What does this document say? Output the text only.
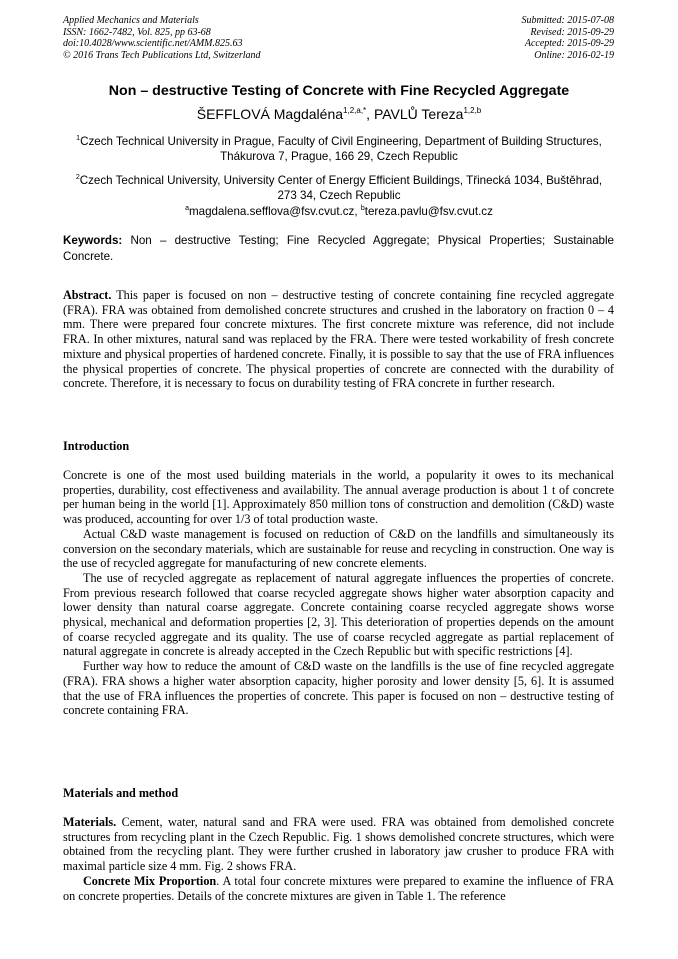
Applied Mechanics and Materials
ISSN: 1662-7482, Vol. 825, pp 63-68
doi:10.4028/www.scientific.net/AMM.825.63
© 2016 Trans Tech Publications Ltd, Switzerland
Submitted: 2015-07-08
Revised: 2015-09-29
Accepted: 2015-09-29
Online: 2016-02-19
Non – destructive Testing of Concrete with Fine Recycled Aggregate
ŠEFFLOVÁ Magdaléna$^{1,2,a,*}$, PAVLŮ Tereza$^{1,2,b}$
$^1$Czech Technical University in Prague, Faculty of Civil Engineering, Department of Building Structures, Thákurova 7, Prague, 166 29, Czech Republic
$^2$Czech Technical University, University Center of Energy Efficient Buildings, Třinecká 1034, Buštěhrad, 273 34, Czech Republic
$^a$magdalena.sefflova@fsv.cvut.cz, $^b$tereza.pavlu@fsv.cvut.cz
Keywords: Non – destructive Testing; Fine Recycled Aggregate; Physical Properties; Sustainable Concrete.

Abstract. This paper is focused on non – destructive testing of concrete containing fine recycled aggregate (FRA). FRA was obtained from demolished concrete structures and crushed in the laboratory on fraction 0 – 4 mm. There were prepared four concrete mixtures. The first concrete mixture was reference, did not include FRA. In other mixtures, natural sand was replaced by the FRA. There were tested workability of fresh concrete mixture and physical properties of hardened concrete. Finally, it is possible to say that the use of FRA influences the physical properties of concrete. The physical properties of concrete are connected with the durability of concrete. Therefore, it is necessary to focus on durability testing of FRA concrete in further research.

Introduction

Concrete is one of the most used building materials in the world, a popularity it owes to its mechanical properties, durability, cost effectiveness and availability. The annual average production is about 1 t of concrete per human being in the world [1]. Approximately 850 million tons of construction and demolition (C&D) waste was produced, accounting for over 1/3 of total production waste.

Actual C&D waste management is focused on reduction of C&D on the landfills and simultaneously its conversion on the secondary materials, which are sustainable for reuse and recycling in construction. One way is the use of recycled aggregate for manufacturing of new concrete elements.

The use of recycled aggregate as replacement of natural aggregate influences the properties of concrete. From previous research followed that coarse recycled aggregate shows higher water absorption capacity and lower density than natural coarse aggregate. Concrete containing coarse recycled aggregate shows worse physical, mechanical and deformation properties [2, 3]. This deterioration of properties depends on the amount of coarse recycled aggregate and its quality. The use of coarse recycled aggregate as partial replacement of natural aggregate in concrete is already accepted in the Czech Republic but with specific restrictions [4].

Further way how to reduce the amount of C&D waste on the landfills is the use of fine recycled aggregate (FRA). FRA shows a higher water absorption capacity, higher porosity and lower density [5, 6]. It is assumed that the use of FRA influences the properties of concrete. This paper is focused on non – destructive testing of concrete containing FRA.

Materials and method

Materials. Cement, water, natural sand and FRA were used. FRA was obtained from demolished concrete structures from recycling plant in the Czech Republic. Fig. 1 shows demolished concrete structures, which were obtained from the recycling plant. They were further crushed in laboratory jaw crusher to produce FRA with maximal particle size 4 mm. Fig. 2 shows FRA.

Concrete Mix Proportion. A total four concrete mixtures were prepared to examine the influence of FRA on concrete properties. Details of the concrete mixtures are given in Table 1. The reference
